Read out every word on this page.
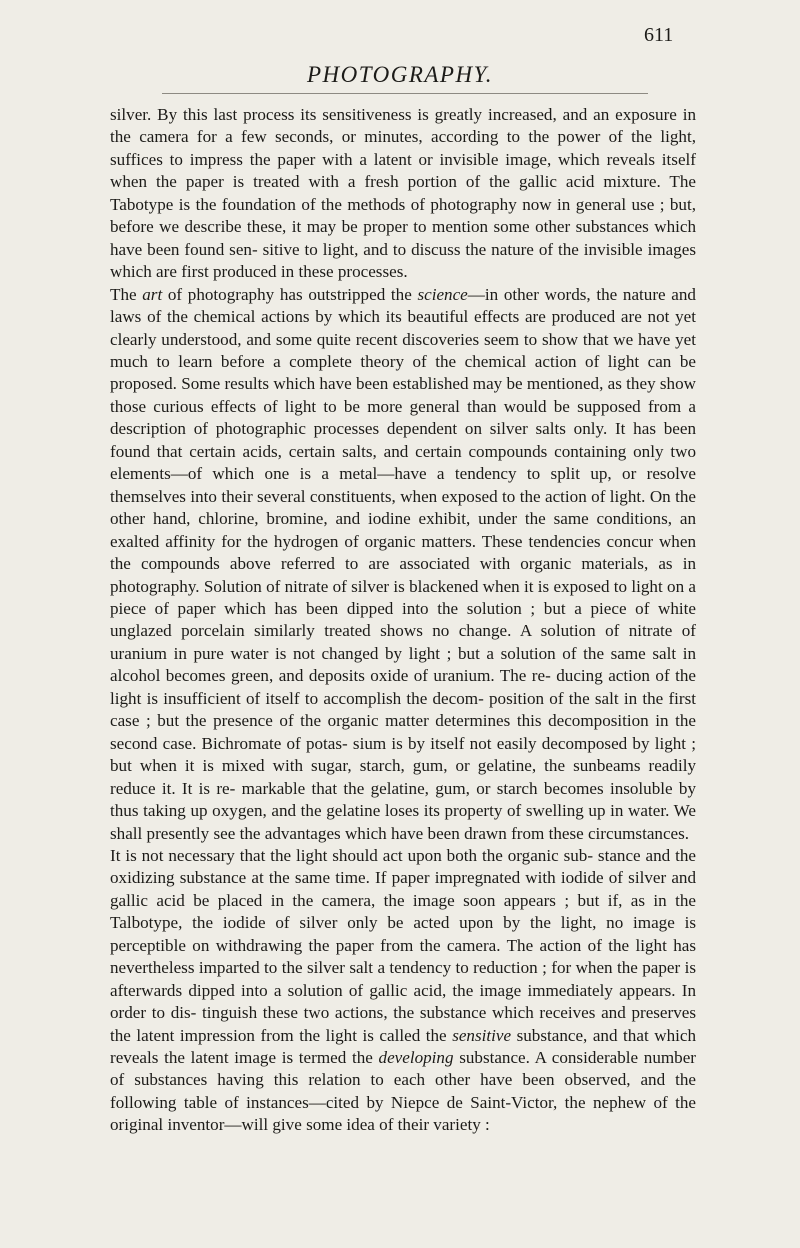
PHOTOGRAPHY.
611

silver. By this last process its sensitiveness is greatly increased, and an exposure in the camera for a few seconds, or minutes, according to the power of the light, suffices to impress the paper with a latent or invisible image, which reveals itself when the paper is treated with a fresh portion of the gallic acid mixture. The Tabotype is the foundation of the methods of photography now in general use ; but, before we describe these, it may be proper to mention some other substances which have been found sen- sitive to light, and to discuss the nature of the invisible images which are first produced in these processes.

The art of photography has outstripped the science—in other words, the nature and laws of the chemical actions by which its beautiful effects are produced are not yet clearly understood, and some quite recent discoveries seem to show that we have yet much to learn before a complete theory of the chemical action of light can be proposed. Some results which have been established may be mentioned, as they show those curious effects of light to be more general than would be supposed from a description of photographic processes dependent on silver salts only. It has been found that certain acids, certain salts, and certain compounds containing only two elements—of which one is a metal—have a tendency to split up, or resolve themselves into their several constituents, when exposed to the action of light. On the other hand, chlorine, bromine, and iodine exhibit, under the same conditions, an exalted affinity for the hydrogen of organic matters. These tendencies concur when the compounds above referred to are associated with organic materials, as in photography. Solution of nitrate of silver is blackened when it is exposed to light on a piece of paper which has been dipped into the solution ; but a piece of white unglazed porcelain similarly treated shows no change. A solution of nitrate of uranium in pure water is not changed by light ; but a solution of the same salt in alcohol becomes green, and deposits oxide of uranium. The re- ducing action of the light is insufficient of itself to accomplish the decom- position of the salt in the first case ; but the presence of the organic matter determines this decomposition in the second case. Bichromate of potas- sium is by itself not easily decomposed by light ; but when it is mixed with sugar, starch, gum, or gelatine, the sunbeams readily reduce it. It is re- markable that the gelatine, gum, or starch becomes insoluble by thus taking up oxygen, and the gelatine loses its property of swelling up in water. We shall presently see the advantages which have been drawn from these circumstances.

It is not necessary that the light should act upon both the organic sub- stance and the oxidizing substance at the same time. If paper impregnated with iodide of silver and gallic acid be placed in the camera, the image soon appears ; but if, as in the Talbotype, the iodide of silver only be acted upon by the light, no image is perceptible on withdrawing the paper from the camera. The action of the light has nevertheless imparted to the silver salt a tendency to reduction ; for when the paper is afterwards dipped into a solution of gallic acid, the image immediately appears. In order to dis- tinguish these two actions, the substance which receives and preserves the latent impression from the light is called the sensitive substance, and that which reveals the latent image is termed the developing substance. A considerable number of substances having this relation to each other have been observed, and the following table of instances—cited by Niepce de Saint-Victor, the nephew of the original inventor—will give some idea of their variety :
